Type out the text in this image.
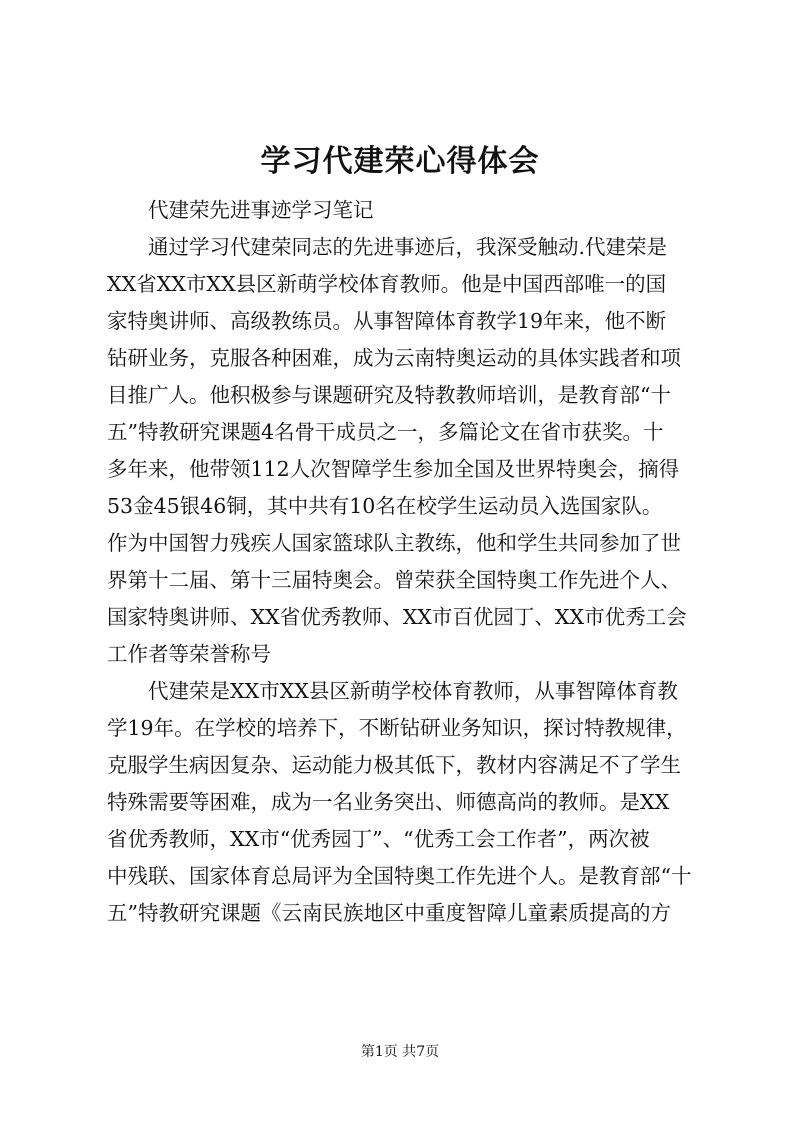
学习代建荣心得体会
代建荣先进事迹学习笔记
通过学习代建荣同志的先进事迹后，我深受触动.代建荣是
XX省XX市XX县区新萌学校体育教师。他是中国西部唯一的国
家特奥讲师、高级教练员。从事智障体育教学19年来，他不断
钻研业务，克服各种困难，成为云南特奥运动的具体实践者和项
目推广人。他积极参与课题研究及特教教师培训，是教育部“十
五”特教研究课题4名骨干成员之一，多篇论文在省市获奖。十
多年来，他带领112人次智障学生参加全国及世界特奥会，摘得
53金45银46铜，其中共有10名在校学生运动员入选国家队。
作为中国智力残疾人国家篮球队主教练，他和学生共同参加了世
界第十二届、第十三届特奥会。曾荣获全国特奥工作先进个人、
国家特奥讲师、XX省优秀教师、XX市百优园丁、XX市优秀工会
工作者等荣誉称号
代建荣是XX市XX县区新萌学校体育教师，从事智障体育教
学19年。在学校的培养下，不断钻研业务知识，探讨特教规律，
克服学生病因复杂、运动能力极其低下，教材内容满足不了学生
特殊需要等困难，成为一名业务突出、师德高尚的教师。是XX
省优秀教师，XX市“优秀园丁”、“优秀工会工作者”，两次被
中残联、国家体育总局评为全国特奥工作先进个人。是教育部“十
五”特教研究课题《云南民族地区中重度智障儿童素质提高的方
第1页 共7页
